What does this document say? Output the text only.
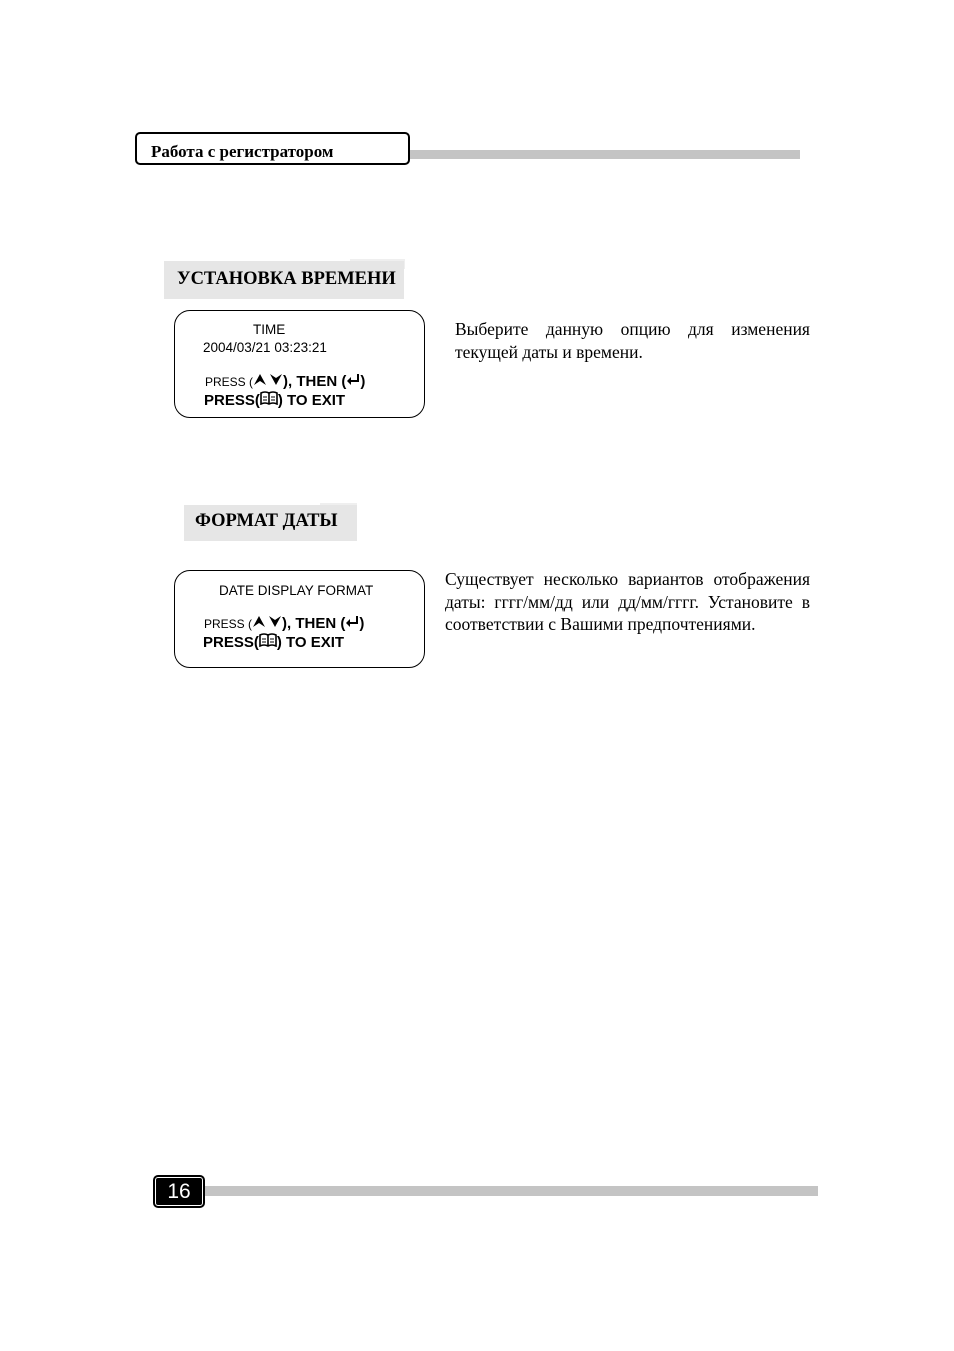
Работа с регистратором
УСТАНОВКА ВРЕМЕНИ
TIME
2004/03/21 03:23:21
PRESS ( ), THEN ( )
PRESS( ) TO EXIT
Выберите данную опцию для изменения текущей даты и времени.
ФОРМАТ ДАТЫ
DATE DISPLAY FORMAT
PRESS ( ), THEN ( )
PRESS( ) TO EXIT
Существует несколько вариантов отображения даты: гггг/мм/дд или дд/мм/гггг. Установите в соответствии с Вашими предпочтениями.
16
